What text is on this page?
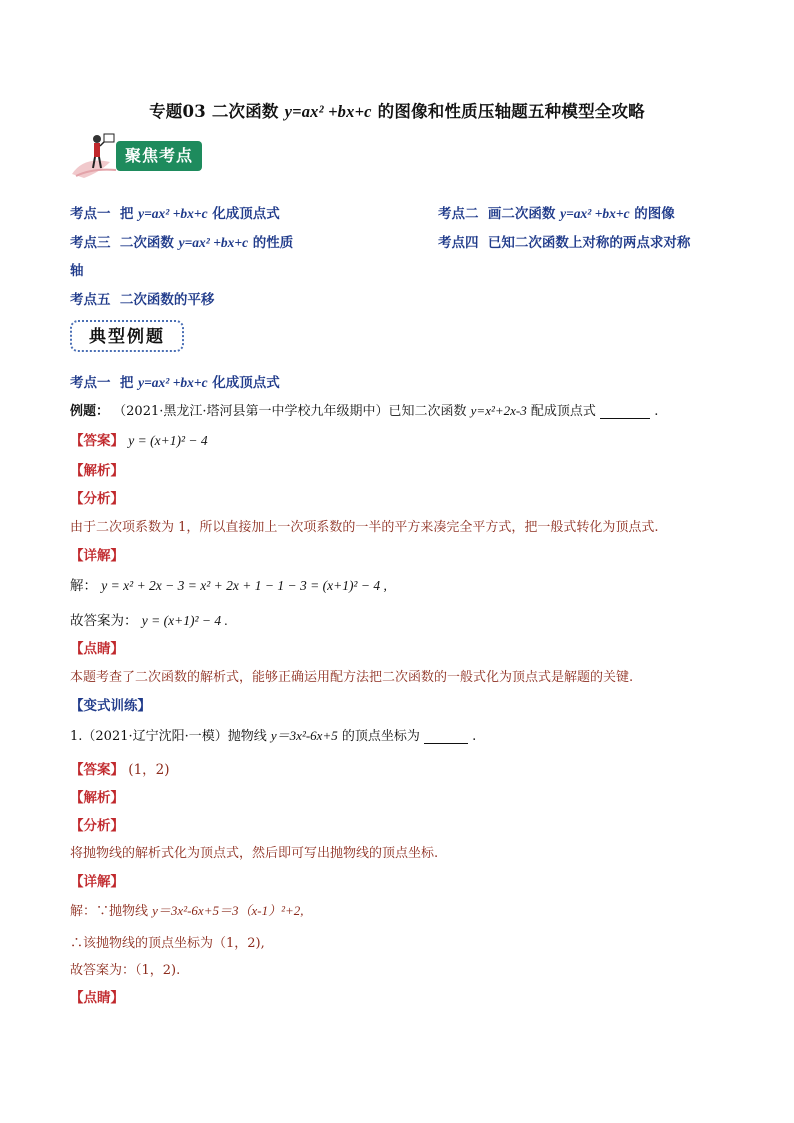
专题03 二次函数 y=ax² +bx+c 的图像和性质压轴题五种模型全攻略
聚焦考点
考点一 把 y=ax² +bx+c 化成顶点式	考点二 画二次函数 y=ax² +bx+c 的图像
考点三 二次函数 y=ax² +bx+c 的性质	考点四 已知二次函数上对称的两点求对称
轴
考点五 二次函数的平移
典型例题
考点一 把 y=ax² +bx+c 化成顶点式
例题： （2021·黑龙江·塔河县第一中学校九年级期中）已知二次函数 y=x²+2x-3 配成顶点式	.
【答案】 y = (x+1)² − 4
【解析】
【分析】
由于二次项系数为 1，所以直接加上一次项系数的一半的平方来凑完全平方式，把一般式转化为顶点式.
【详解】
解： y = x² + 2x − 3 = x² + 2x + 1 − 1 − 3 = (x+1)² − 4 ,
故答案为： y = (x+1)² − 4 .
【点睛】
本题考查了二次函数的解析式，能够正确运用配方法把二次函数的一般式化为顶点式是解题的关键.
【变式训练】
1.（2021·辽宁沈阳·一模）抛物线 y＝3x²-6x+5 的顶点坐标为	.
【答案】 (1，2)
【解析】
【分析】
将抛物线的解析式化为顶点式，然后即可写出抛物线的顶点坐标.
【详解】
解：∵抛物线 y＝3x²-6x+5＝3（x-1）²+2,
∴该抛物线的顶点坐标为（1，2),
故答案为：（1，2).
【点睛】
